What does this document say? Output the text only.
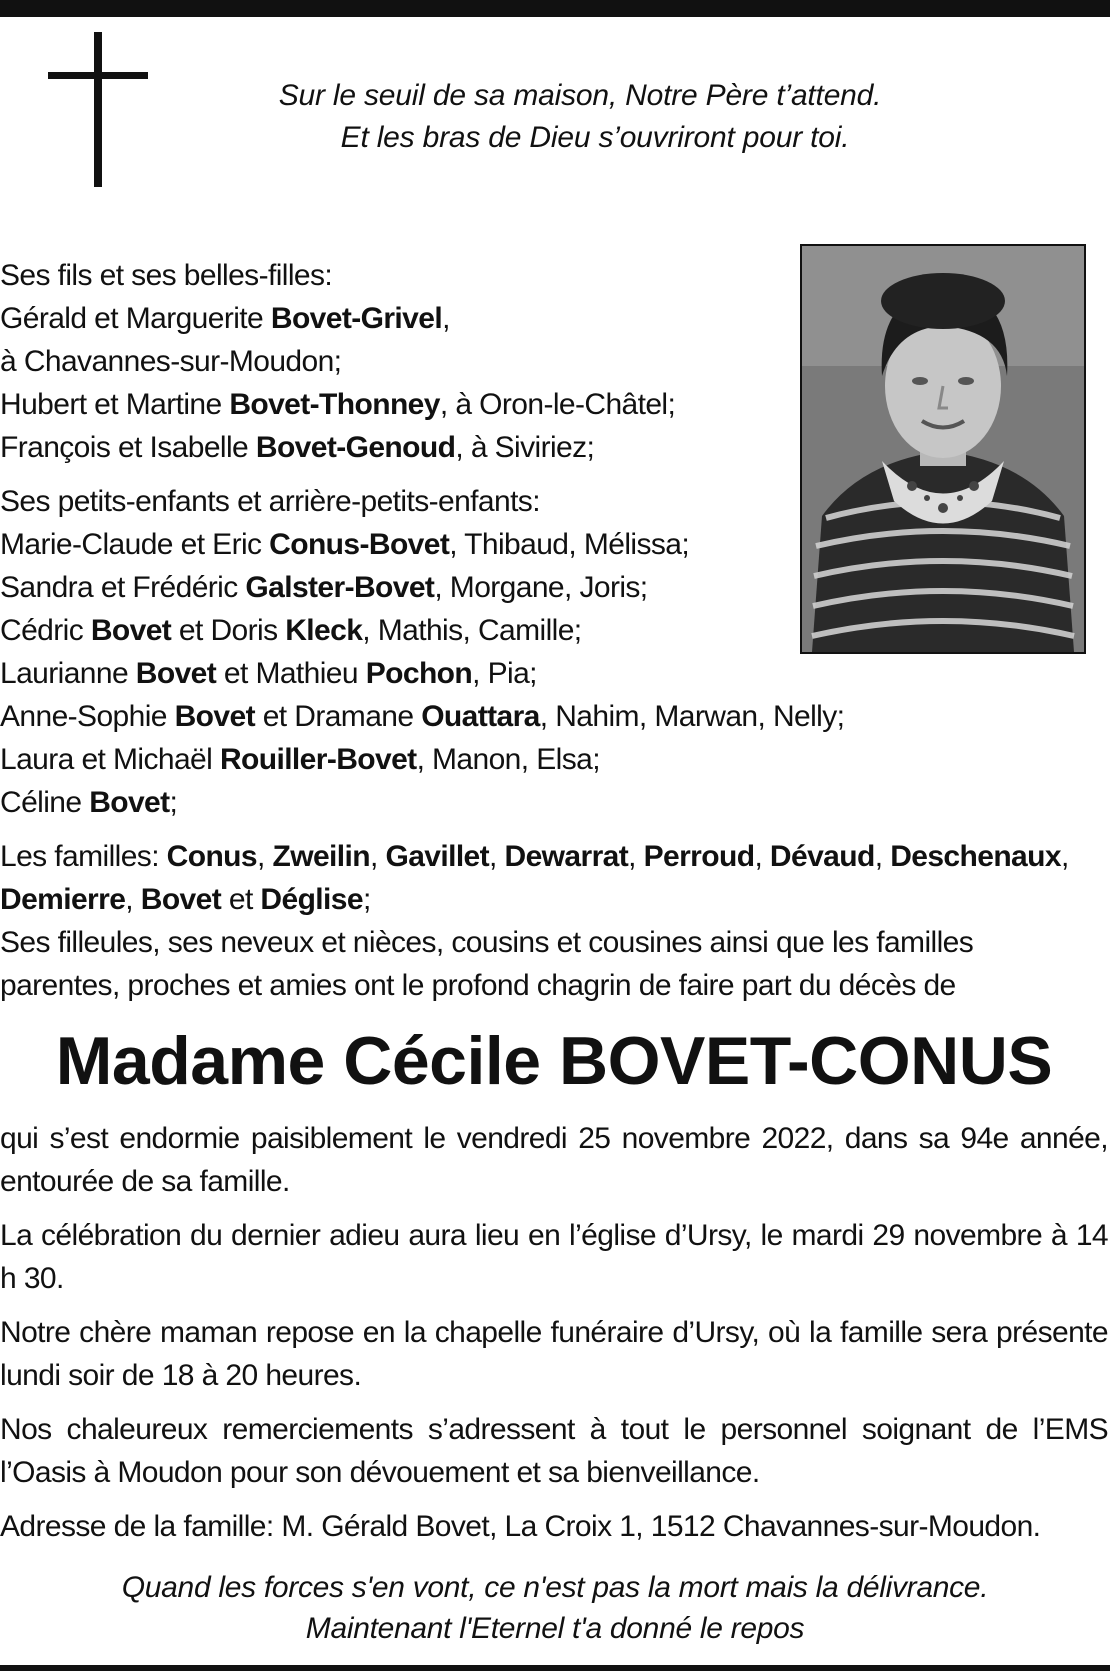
Sur le seuil de sa maison, Notre Père t’attend.
Et les bras de Dieu s’ouvriront pour toi.

Ses fils et ses belles-filles:
Gérald et Marguerite Bovet-Grivel,
à Chavannes-sur-Moudon;
Hubert et Martine Bovet-Thonney, à Oron-le-Châtel;
François et Isabelle Bovet-Genoud, à Siviriez;

Ses petits-enfants et arrière-petits-enfants:
Marie-Claude et Eric Conus-Bovet, Thibaud, Mélissa;
Sandra et Frédéric Galster-Bovet, Morgane, Joris;
Cédric Bovet et Doris Kleck, Mathis, Camille;
Laurianne Bovet et Mathieu Pochon, Pia;
Anne-Sophie Bovet et Dramane Ouattara, Nahim, Marwan, Nelly;
Laura et Michaël Rouiller-Bovet, Manon, Elsa;
Céline Bovet;

Les familles: Conus, Zweilin, Gavillet, Dewarrat, Perroud, Dévaud, Deschenaux,
Demierre, Bovet et Déglise;
Ses filleules, ses neveux et nièces, cousins et cousines ainsi que les familles
parentes, proches et amies ont le profond chagrin de faire part du décès de

Madame Cécile BOVET-CONUS

qui s’est endormie paisiblement le vendredi 25 novembre 2022, dans sa 94e année, entourée de sa famille.

La célébration du dernier adieu aura lieu en l’église d’Ursy, le mardi 29 novembre à 14 h 30.

Notre chère maman repose en la chapelle funéraire d’Ursy, où la famille sera présente lundi soir de 18 à 20 heures.

Nos chaleureux remerciements s’adressent à tout le personnel soignant de l’EMS l’Oasis à Moudon pour son dévouement et sa bienveillance.

Adresse de la famille: M. Gérald Bovet, La Croix 1, 1512 Chavannes-sur-Moudon.

Quand les forces s'en vont, ce n'est pas la mort mais la délivrance.
Maintenant l'Eternel t'a donné le repos
